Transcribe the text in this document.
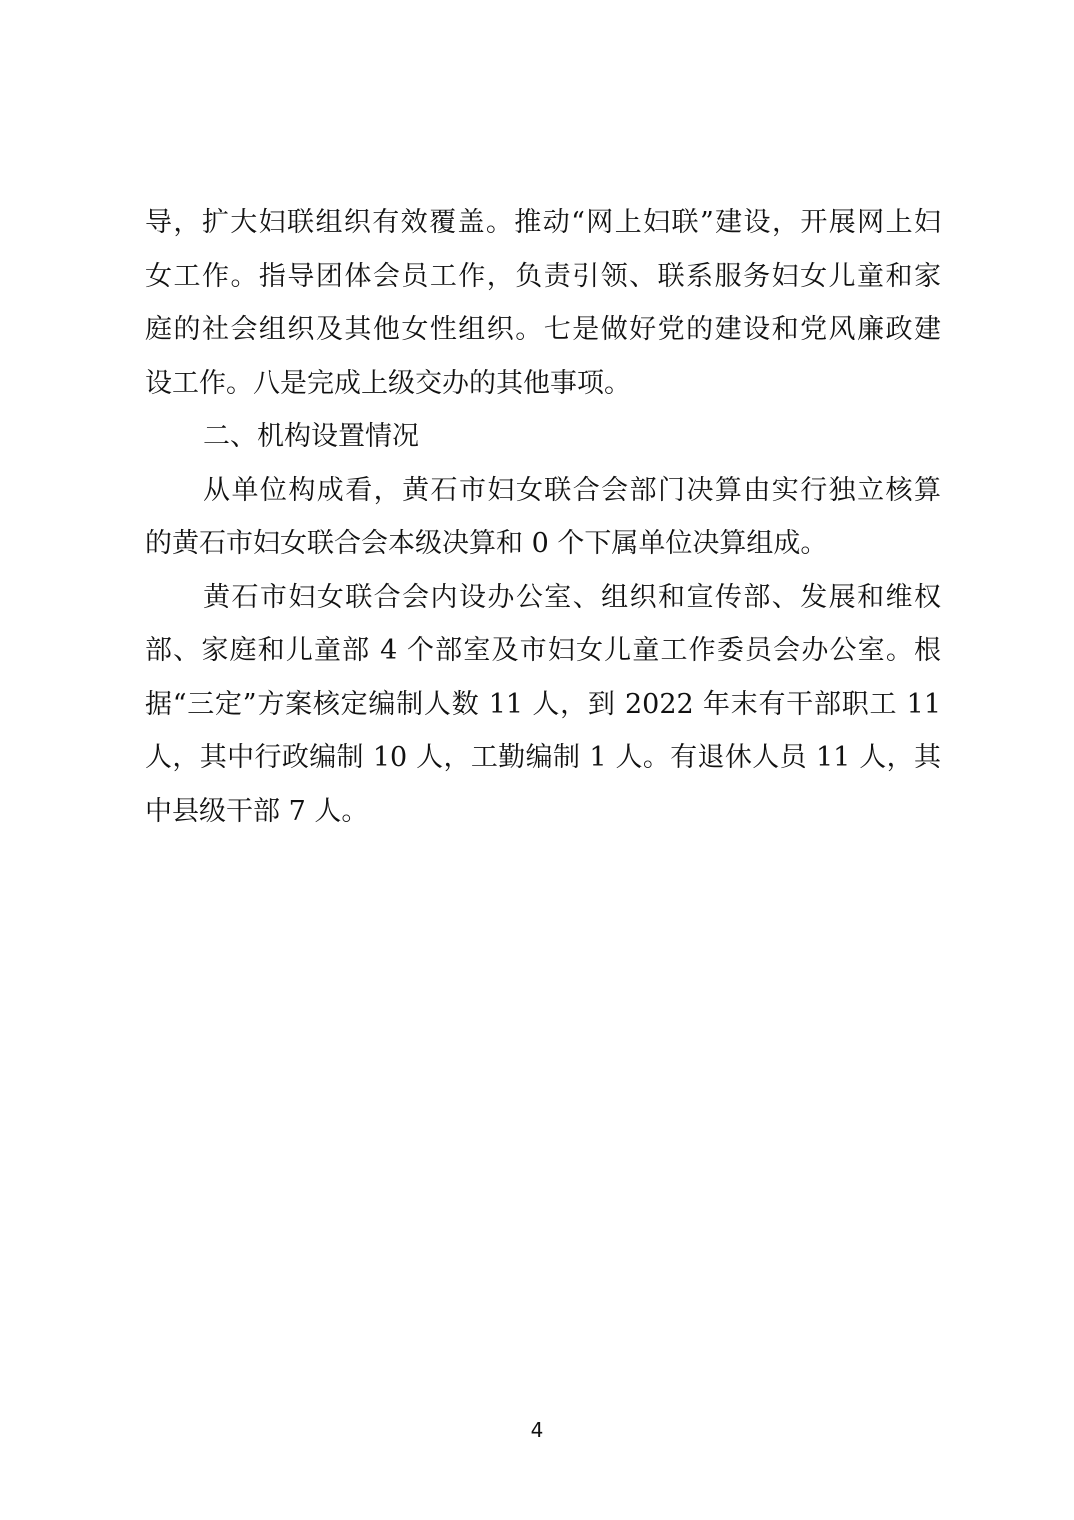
导，扩大妇联组织有效覆盖。推动“网上妇联”建设，开展网上妇
女工作。指导团体会员工作，负责引领、联系服务妇女儿童和家
庭的社会组织及其他女性组织。七是做好党的建设和党风廉政建
设工作。八是完成上级交办的其他事项。
二、机构设置情况
从单位构成看，黄石市妇女联合会部门决算由实行独立核算
的黄石市妇女联合会本级决算和 0 个下属单位决算组成。
黄石市妇女联合会内设办公室、组织和宣传部、发展和维权
部、家庭和儿童部 4 个部室及市妇女儿童工作委员会办公室。根
据“三定”方案核定编制人数 11 人，到 2022 年末有干部职工 11
人，其中行政编制 10 人，工勤编制 1 人。有退休人员 11 人，其
中县级干部 7 人。
4
